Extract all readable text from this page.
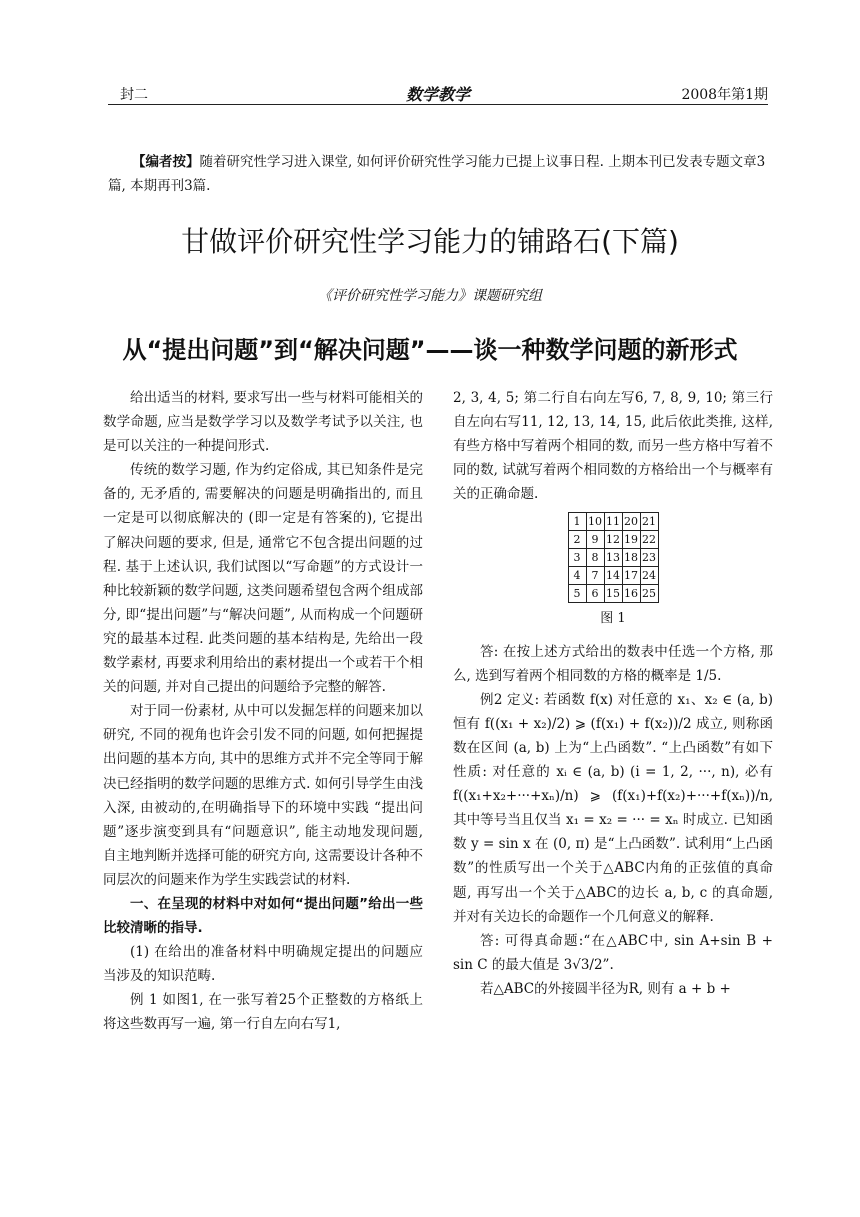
封二	数学教学	2008年第1期
【编者按】随着研究性学习进入课堂, 如何评价研究性学习能力已提上议事日程. 上期本刊已发表专题文章3篇, 本期再刊3篇.
甘做评价研究性学习能力的铺路石(下篇)
《评价研究性学习能力》课题研究组
从“提出问题”到“解决问题”——谈一种数学问题的新形式

给出适当的材料, 要求写出一些与材料可能相关的数学命题, 应当是数学学习以及数学考试予以关注, 也是可以关注的一种提问形式.

传统的数学习题, 作为约定俗成, 其已知条件是完备的, 无矛盾的, 需要解决的问题是明确指出的, 而且一定是可以彻底解决的 (即一定是有答案的), 它提出了解决问题的要求, 但是, 通常它不包含提出问题的过程. 基于上述认识, 我们试图以“写命题”的方式设计一种比较新颖的数学问题, 这类问题希望包含两个组成部分, 即“提出问题”与“解决问题”, 从而构成一个问题研究的最基本过程. 此类问题的基本结构是, 先给出一段数学素材, 再要求利用给出的素材提出一个或若干个相关的问题, 并对自己提出的问题给予完整的解答.

对于同一份素材, 从中可以发掘怎样的问题来加以研究, 不同的视角也许会引发不同的问题, 如何把握提出问题的基本方向, 其中的思维方式并不完全等同于解决已经指明的数学问题的思维方式. 如何引导学生由浅入深, 由被动的,在明确指导下的环境中实践 “提出问题”逐步演变到具有“问题意识”, 能主动地发现问题, 自主地判断并选择可能的研究方向, 这需要设计各种不同层次的问题来作为学生实践尝试的材料.

一、在呈现的材料中对如何“提出问题”给出一些比较清晰的指导.

(1) 在给出的准备材料中明确规定提出的问题应当涉及的知识范畴.

例 1 如图1, 在一张写着25个正整数的方格纸上将这些数再写一遍, 第一行自左向右写1,

2, 3, 4, 5; 第二行自右向左写6, 7, 8, 9, 10; 第三行自左向右写11, 12, 13, 14, 15, 此后依此类推, 这样, 有些方格中写着两个相同的数, 而另一些方格中写着不同的数, 试就写着两个相同数的方格给出一个与概率有关的正确命题.

1	10	11	20	21
2	9	12	19	22
3	8	13	18	23
4	7	14	17	24
5	6	15	16	25
图 1

答: 在按上述方式给出的数表中任选一个方格, 那么, 选到写着两个相同数的方格的概率是 1/5.

例2 定义: 若函数 f(x) 对任意的 x₁、x₂ ∈ (a, b) 恒有 f((x₁ + x₂)/2) ⩾ (f(x₁) + f(x₂))/2 成立, 则称函数在区间 (a, b) 上为“上凸函数”. “上凸函数”有如下性质: 对任意的 xᵢ ∈ (a, b) (i = 1, 2, ···, n), 必有 f((x₁+x₂+···+xₙ)/n) ⩾ (f(x₁)+f(x₂)+···+f(xₙ))/n, 其中等号当且仅当 x₁ = x₂ = ··· = xₙ 时成立. 已知函数 y = sin x 在 (0, π) 是“上凸函数”. 试利用“上凸函数”的性质写出一个关于△ABC内角的正弦值的真命题, 再写出一个关于△ABC的边长 a, b, c 的真命题, 并对有关边长的命题作一个几何意义的解释.

答: 可得真命题:“在△ABC中, sin A+sin B + sin C 的最大值是 3√3/2”.

若△ABC的外接圆半径为R, 则有 a + b +
